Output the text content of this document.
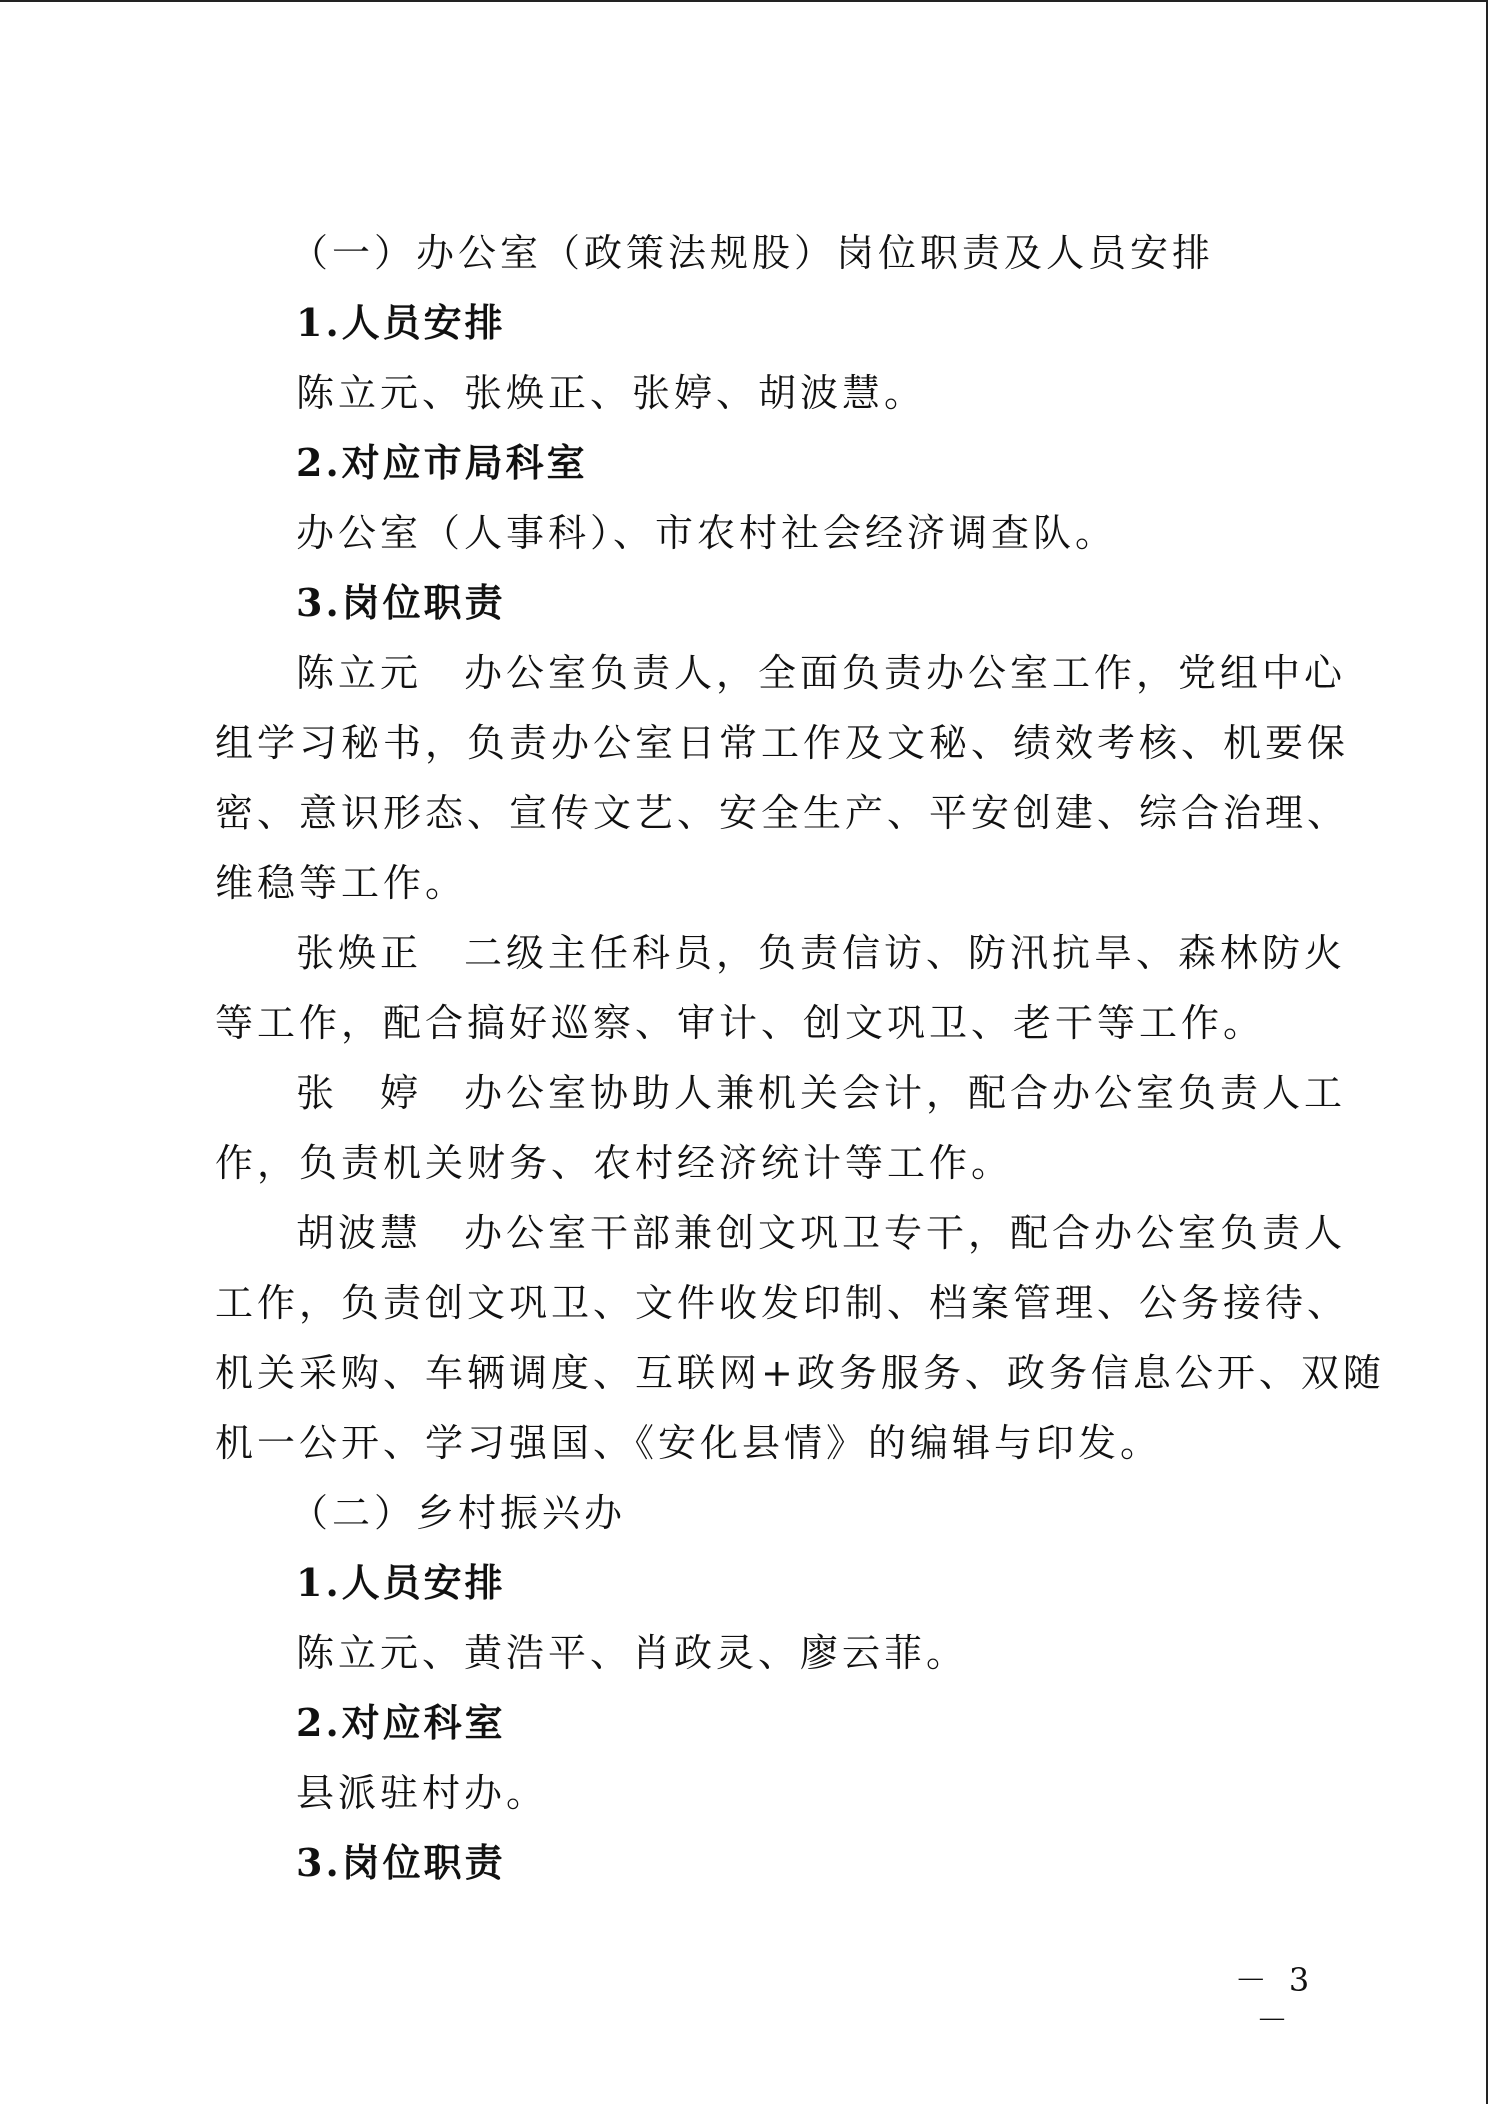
（一）办公室（政策法规股）岗位职责及人员安排
1.人员安排
陈立元、张焕正、张婷、胡波慧。
2.对应市局科室
办公室（人事科）、市农村社会经济调查队。
3.岗位职责
陈立元　办公室负责人，全面负责办公室工作，党组中心
组学习秘书，负责办公室日常工作及文秘、绩效考核、机要保
密、意识形态、宣传文艺、安全生产、平安创建、综合治理、
维稳等工作。
张焕正　二级主任科员，负责信访、防汛抗旱、森林防火
等工作，配合搞好巡察、审计、创文巩卫、老干等工作。
张　婷　办公室协助人兼机关会计，配合办公室负责人工
作，负责机关财务、农村经济统计等工作。
胡波慧　办公室干部兼创文巩卫专干，配合办公室负责人
工作，负责创文巩卫、文件收发印制、档案管理、公务接待、
机关采购、车辆调度、互联网+政务服务、政务信息公开、双随
机一公开、学习强国、《安化县情》的编辑与印发。
（二）乡村振兴办
1.人员安排
陈立元、黄浩平、肖政灵、廖云菲。
2.对应科室
县派驻村办。
3.岗位职责
－ 3 －
